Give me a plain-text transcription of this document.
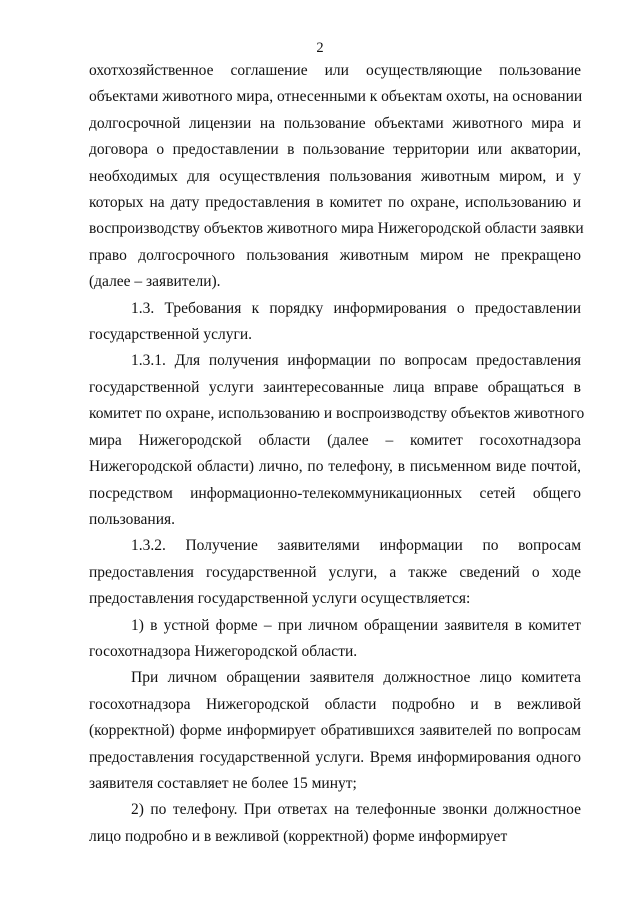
2

охотхозяйственное соглашение или осуществляющие пользование
объектами животного мира, отнесенными к объектам охоты, на основании
долгосрочной лицензии на пользование объектами животного мира и
договора о предоставлении в пользование территории или акватории,
необходимых для осуществления пользования животным миром, и у
которых на дату предоставления в комитет по охране, использованию и
воспроизводству объектов животного мира Нижегородской области заявки
право долгосрочного пользования животным миром не прекращено
(далее – заявители).

1.3. Требования к порядку информирования о предоставлении
государственной услуги.

1.3.1. Для получения информации по вопросам предоставления
государственной услуги заинтересованные лица вправе обращаться в
комитет по охране, использованию и воспроизводству объектов животного
мира Нижегородской области (далее – комитет госохотнадзора
Нижегородской области) лично, по телефону, в письменном виде почтой,
посредством информационно-телекоммуникационных сетей общего
пользования.

1.3.2. Получение заявителями информации по вопросам
предоставления государственной услуги, а также сведений о ходе
предоставления государственной услуги осуществляется:

1) в устной форме – при личном обращении заявителя в комитет
госохотнадзора Нижегородской области.

При личном обращении заявителя должностное лицо комитета
госохотнадзора Нижегородской области подробно и в вежливой
(корректной) форме информирует обратившихся заявителей по вопросам
предоставления государственной услуги. Время информирования одного
заявителя составляет не более 15 минут;

2) по телефону. При ответах на телефонные звонки должностное
лицо подробно и в вежливой (корректной) форме информирует
